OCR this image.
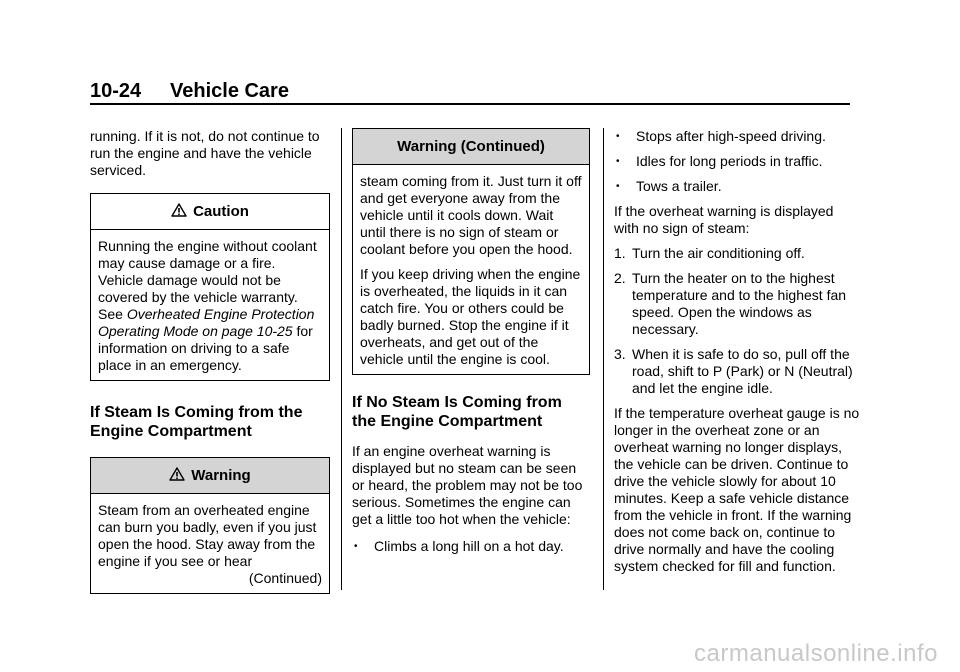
10-24 Vehicle Care

running. If it is not, do not continue to run the engine and have the vehicle serviced.

Caution

Running the engine without coolant may cause damage or a fire. Vehicle damage would not be covered by the vehicle warranty. See Overheated Engine Protection Operating Mode on page 10-25 for information on driving to a safe place in an emergency.

If Steam Is Coming from the Engine Compartment
Warning

Steam from an overheated engine can burn you badly, even if you just open the hood. Stay away from the engine if you see or hear

(Continued)
Warning (Continued)

steam coming from it. Just turn it off and get everyone away from the vehicle until it cools down. Wait until there is no sign of steam or coolant before you open the hood.

If you keep driving when the engine is overheated, the liquids in it can catch fire. You or others could be badly burned. Stop the engine if it overheats, and get out of the vehicle until the engine is cool.

If No Steam Is Coming from the Engine Compartment

If an engine overheat warning is displayed but no steam can be seen or heard, the problem may not be too serious. Sometimes the engine can get a little too hot when the vehicle:

• Climbs a long hill on a hot day.
• Stops after high-speed driving.
• Idles for long periods in traffic.
• Tows a trailer.

If the overheat warning is displayed with no sign of steam:

1. Turn the air conditioning off.
2. Turn the heater on to the highest temperature and to the highest fan speed. Open the windows as necessary.
3. When it is safe to do so, pull off the road, shift to P (Park) or N (Neutral) and let the engine idle.

If the temperature overheat gauge is no longer in the overheat zone or an overheat warning no longer displays, the vehicle can be driven. Continue to drive the vehicle slowly for about 10 minutes. Keep a safe vehicle distance from the vehicle in front. If the warning does not come back on, continue to drive normally and have the cooling system checked for fill and function.

carmanualsonline.info
